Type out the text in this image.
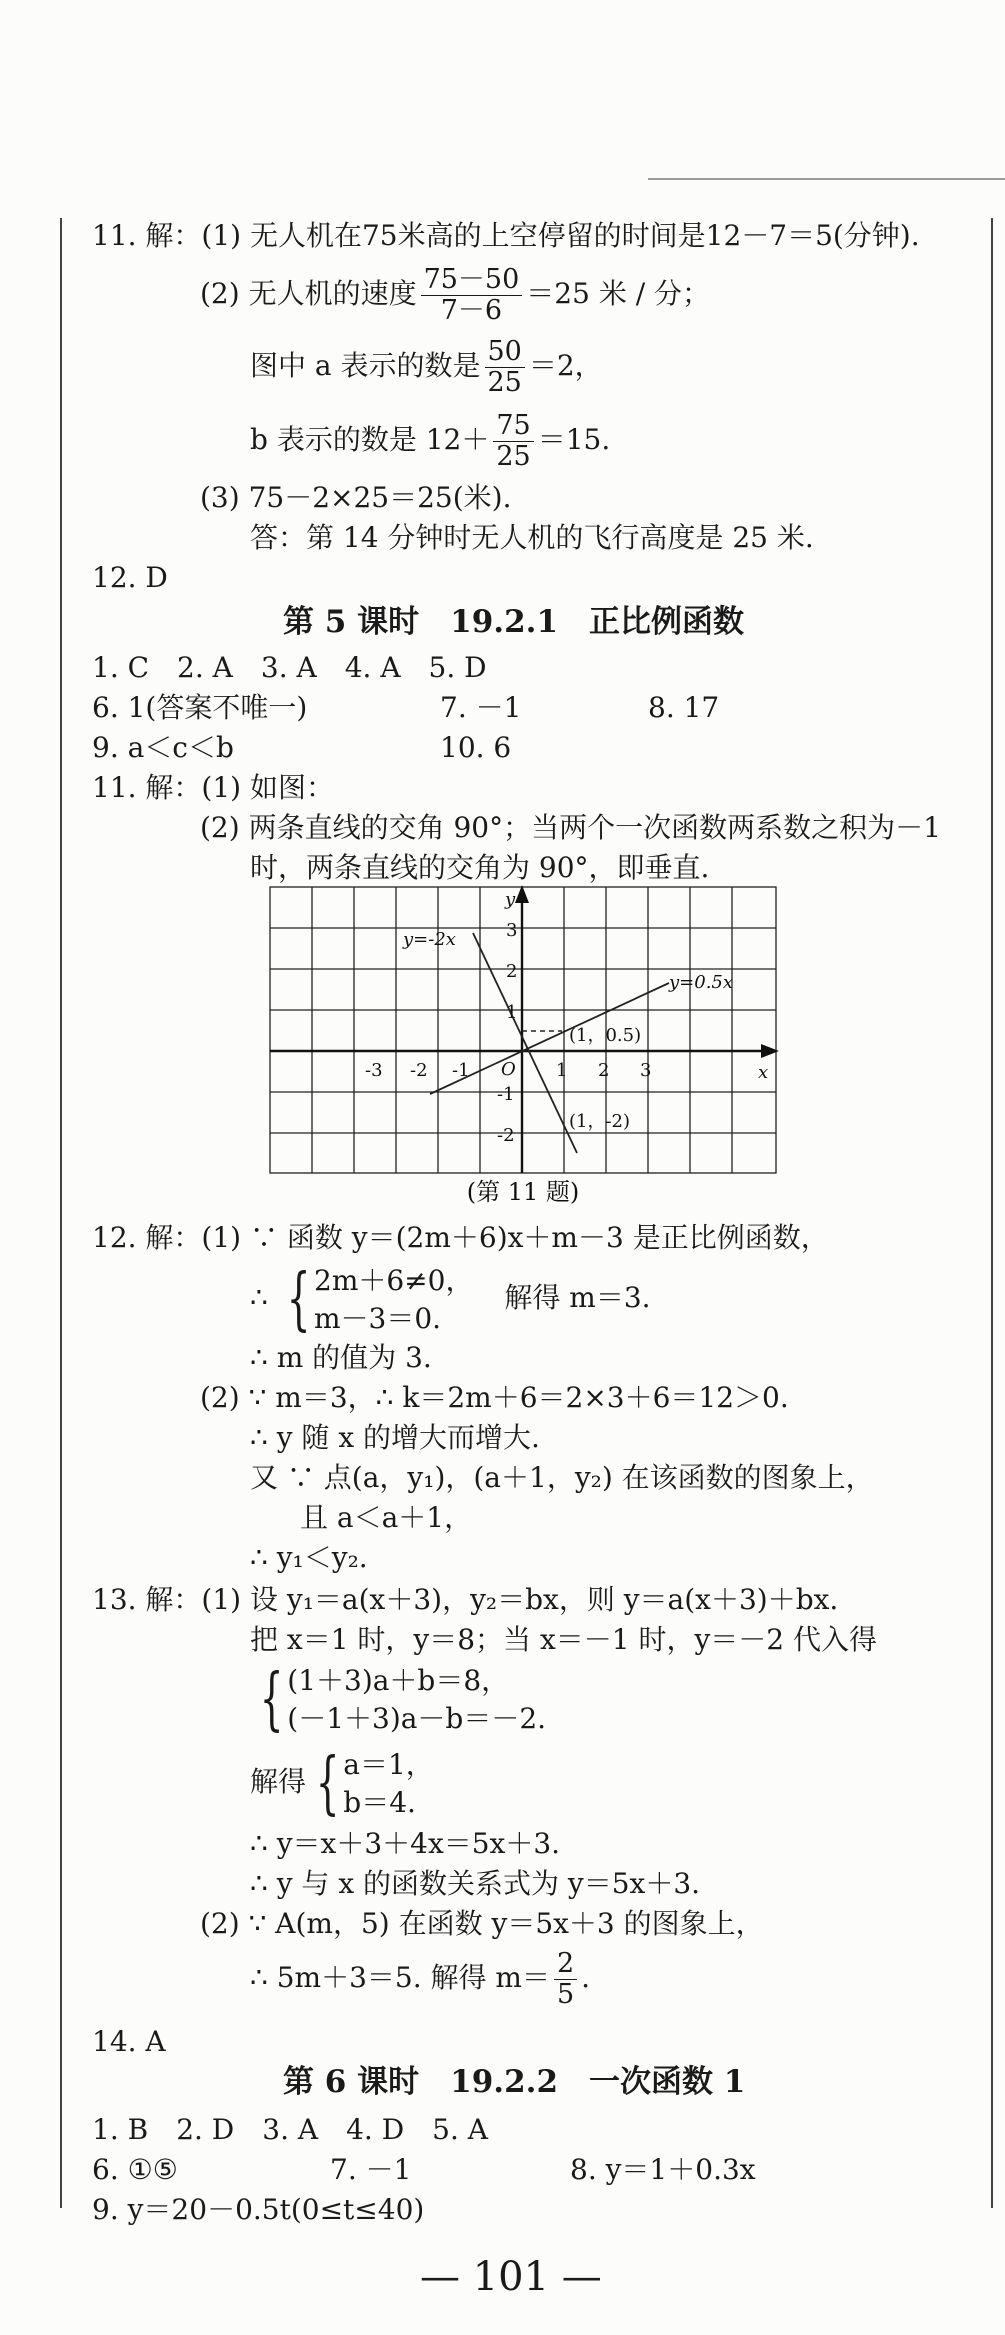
11. 解：(1) 无人机在75米高的上空停留的时间是12－7＝5(分钟).
(2) 无人机的速度 $\frac{75-50}{7-6} =25$ 米 / 分；
图中 a 表示的数是 $\frac{50}{25} =2$，
b 表示的数是 $12+ \frac{75}{25} =15$.
(3) 75－2×25＝25(米).
答：第 14 分钟时无人机的飞行高度是 25 米.
12. D
第 5 课时　19.2.1　正比例函数
1. C　2. A　3. A　4. A　5. D
6. 1(答案不唯一)	7. －1	8. 17
9. a＜c＜b	10. 6
11. 解：(1) 如图：
(2) 两条直线的交角 90°；当两个一次函数两系数之积为－1
时，两条直线的交角为 90°，即垂直.
y
x
O
y=-2x
y=0.5x
(1，0.5)
(1，-2)
-3 -2 -1	1 2 3
3
2
1
-1
-2
(第 11 题)
12. 解：(1) ∵ 函数 y＝(2m＋6)x＋m－3 是正比例函数，
∴ { 2m＋6≠0，
m－3＝0.
解得 m＝3.
∴ m 的值为 3.
(2) ∵ m＝3，∴ k＝2m＋6＝2×3＋6＝12＞0.
∴ y 随 x 的增大而增大.
又 ∵ 点(a，y₁)，(a＋1，y₂) 在该函数的图象上，
且 a＜a＋1，
∴ y₁＜y₂.
13. 解：(1) 设 y₁＝a(x＋3)，y₂＝bx，则 y＝a(x＋3)＋bx.
把 x＝1 时，y＝8；当 x＝－1 时，y＝－2 代入得
{ (1＋3)a＋b＝8，
(－1＋3)a－b＝－2.
解得 { a＝1，
b＝4.
∴ y＝x＋3＋4x＝5x＋3.
∴ y 与 x 的函数关系式为 y＝5x＋3.
(2) ∵ A(m，5) 在函数 y＝5x＋3 的图象上，
∴ 5m＋3＝5. 解得 $m= \frac{2}{5}$ .
14. A
第 6 课时　19.2.2　一次函数 1
1. B　2. D　3. A　4. D　5. A
6. ①⑤	7. －1	8. y＝1＋0.3x
9. y＝20－0.5t(0≤t≤40)
— 101 —
